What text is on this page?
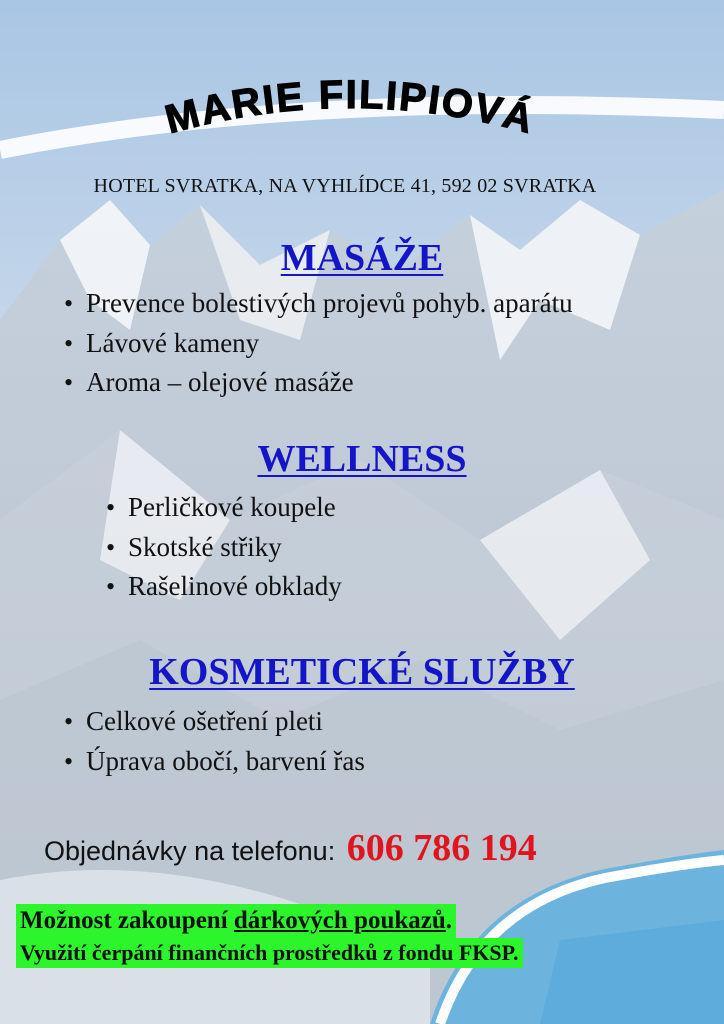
MARIE FILIPIOVÁ
HOTEL SVRATKA, NA VYHLÍDCE 41, 592 02 SVRATKA
MASÁŽE
• Prevence bolestivých projevů pohyb. aparátu
• Lávové kameny
• Aroma – olejové masáže
WELLNESS
• Perličkové koupele
• Skotské střiky
• Rašelinové obklady
KOSMETICKÉ SLUŽBY
• Celkové ošetření pleti
• Úprava obočí, barvení řas
Objednávky na telefonu: 606 786 194
Možnost zakoupení dárkových poukazů.
Využití čerpání finančních prostředků z fondu FKSP.
